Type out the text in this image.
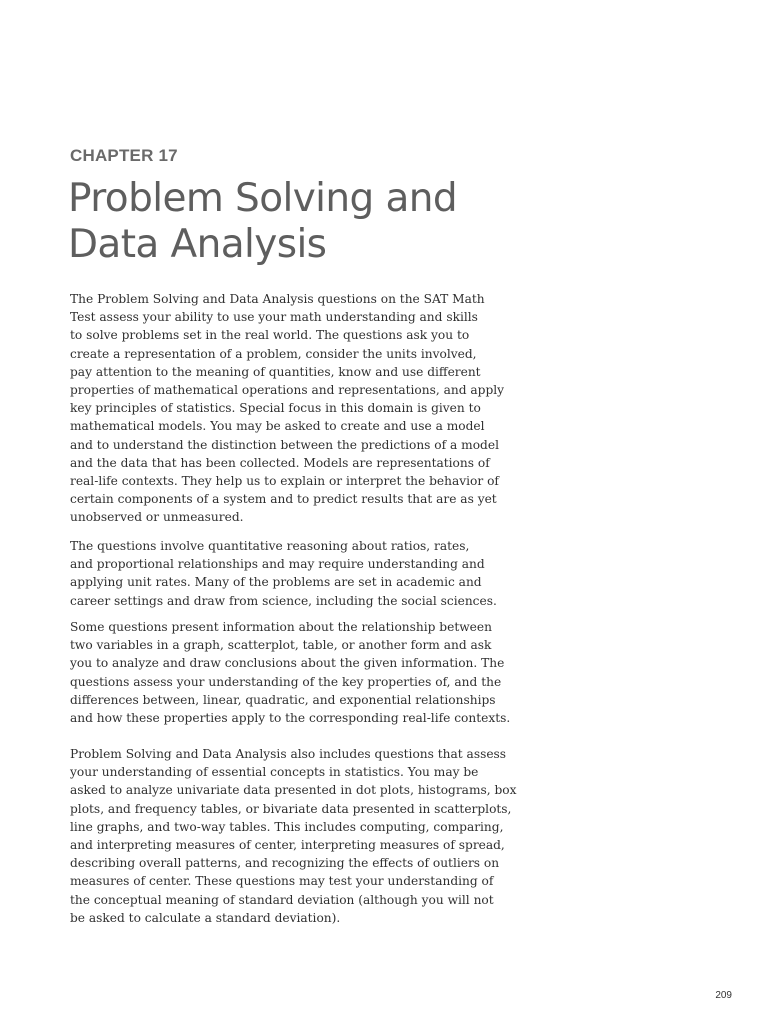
CHAPTER 17
Problem Solving and
Data Analysis
The Problem Solving and Data Analysis questions on the SAT Math
Test assess your ability to use your math understanding and skills
to solve problems set in the real world. The questions ask you to
create a representation of a problem, consider the units involved,
pay attention to the meaning of quantities, know and use different
properties of mathematical operations and representations, and apply
key principles of statistics. Special focus in this domain is given to
mathematical models. You may be asked to create and use a model
and to understand the distinction between the predictions of a model
and the data that has been collected. Models are representations of
real-life contexts. They help us to explain or interpret the behavior of
certain components of a system and to predict results that are as yet
unobserved or unmeasured.
The questions involve quantitative reasoning about ratios, rates,
and proportional relationships and may require understanding and
applying unit rates. Many of the problems are set in academic and
career settings and draw from science, including the social sciences.
Some questions present information about the relationship between
two variables in a graph, scatterplot, table, or another form and ask
you to analyze and draw conclusions about the given information. The
questions assess your understanding of the key properties of, and the
differences between, linear, quadratic, and exponential relationships
and how these properties apply to the corresponding real-life contexts.
Problem Solving and Data Analysis also includes questions that assess
your understanding of essential concepts in statistics. You may be
asked to analyze univariate data presented in dot plots, histograms, box
plots, and frequency tables, or bivariate data presented in scatterplots,
line graphs, and two-way tables. This includes computing, comparing,
and interpreting measures of center, interpreting measures of spread,
describing overall patterns, and recognizing the effects of outliers on
measures of center. These questions may test your understanding of
the conceptual meaning of standard deviation (although you will not
be asked to calculate a standard deviation).
209
